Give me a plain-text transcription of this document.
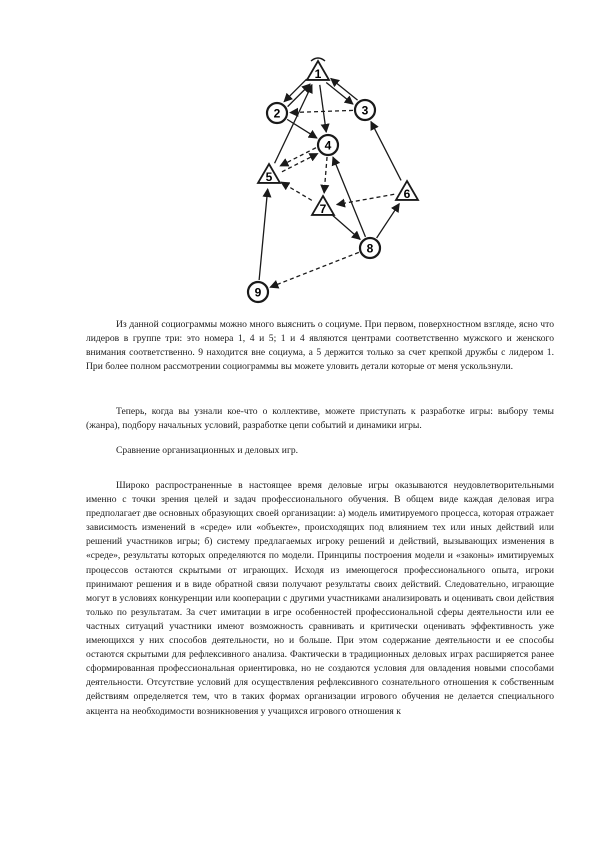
1
2	3
4
5
6
7
8
9

Из данной социограммы можно много выяснить о социуме. При первом, поверхностном взгляде, ясно что лидеров в группе три: это номера 1, 4 и 5; 1 и 4 являются центрами соответственно мужского и женского внимания соответственно. 9 находится вне социума, а 5 держится только за счет крепкой дружбы с лидером 1. При более полном рассмотрении социограммы вы можете уловить детали которые от меня ускользнули.

Теперь, когда вы узнали кое-что о коллективе, можете приступать к разработке игры: выбору темы (жанра), подбору начальных условий, разработке цепи событий и динамики игры.

Сравнение организационных и деловых игр.

Широко распространенные в настоящее время деловые игры оказываются неудовлетворительными именно с точки зрения целей и задач профессионального обучения. В общем виде каждая деловая игра предполагает две основных образующих своей организации: а) модель имитируемого процесса, которая отражает зависимость изменений в «среде» или «объекте», происходящих под влиянием тех или иных действий или решений участников игры; б) систему предлагаемых игроку решений и действий, вызывающих изменения в «среде», результаты которых определяются по модели. Принципы построения модели и «законы» имитируемых процессов остаются скрытыми от играющих. Исходя из имеющегося профессионального опыта, игроки принимают решения и в виде обратной связи получают результаты своих действий. Следовательно, играющие могут в условиях конкуренции или кооперации с другими участниками анализировать и оценивать свои действия только по результатам. За счет имитации в игре особенностей профессиональной сферы деятельности или ее частных ситуаций участники имеют возможность сравнивать и критически оценивать эффективность уже имеющихся у них способов деятельности, но и больше. При этом содержание деятельности и ее способы остаются скрытыми для рефлексивного анализа. Фактически в традиционных деловых играх расширяется ранее сформированная профессиональная ориентировка, но не создаются условия для овладения новыми способами деятельности. Отсутствие условий для осуществления рефлексивного сознательного отношения к собственным действиям определяется тем, что в таких формах организации игрового обучения не делается специального акцента на необходимости возникновения у учащихся игрового отношения к
